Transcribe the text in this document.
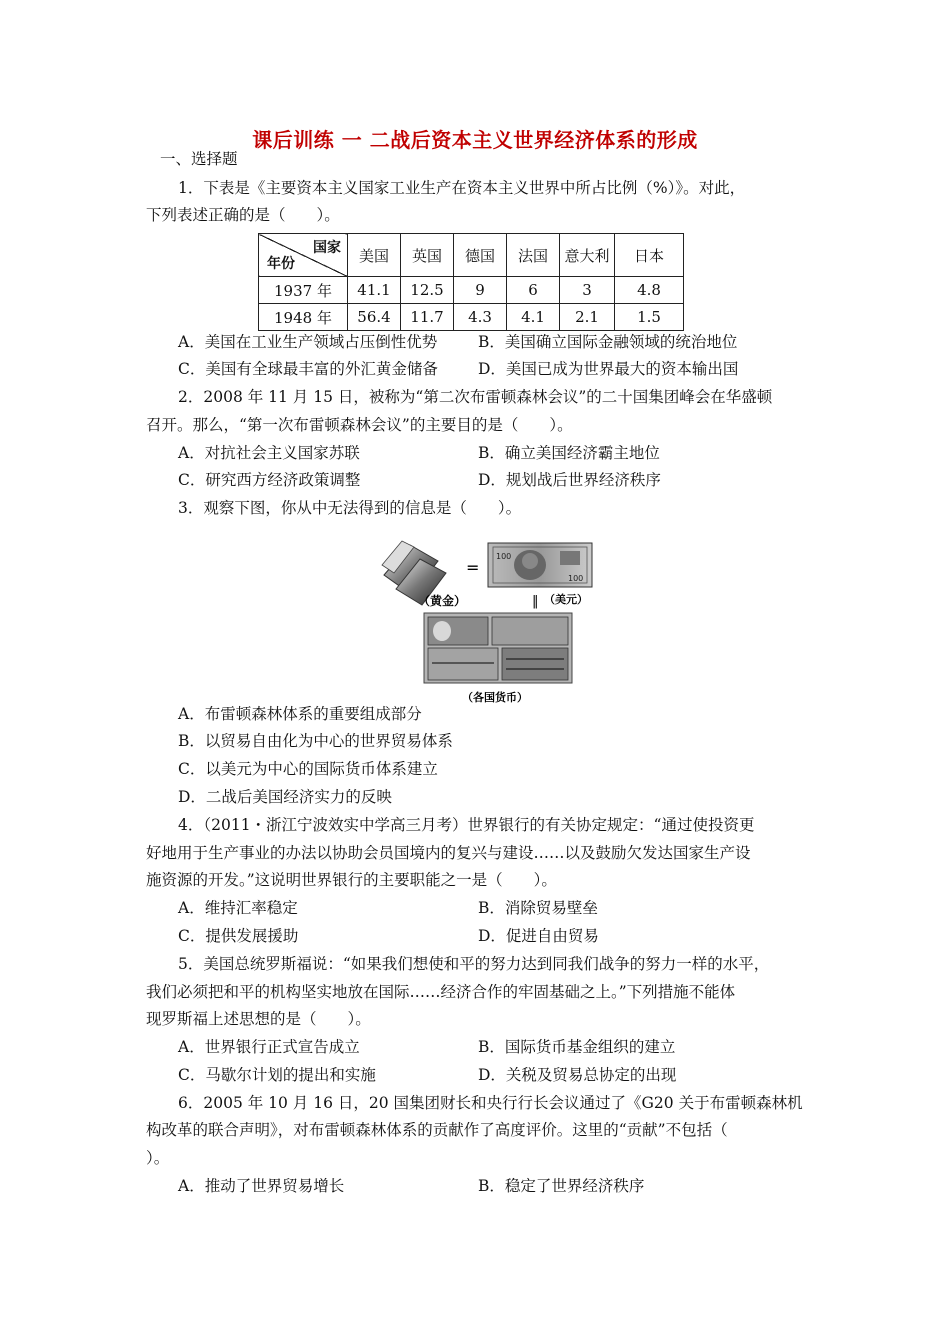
课后训练 一 二战后资本主义世界经济体系的形成
一、选择题
1．下表是《主要资本主义国家工业生产在资本主义世界中所占比例（%）》。对此，
下列表述正确的是（　　）。
国家
年份	美国	英国	德国	法国	意大利	日本
1937 年	41.1	12.5	9	6	3	4.8
1948 年	56.4	11.7	4.3	4.1	2.1	1.5
A．美国在工业生产领域占压倒性优势	B．美国确立国际金融领域的统治地位
C．美国有全球最丰富的外汇黄金储备	D．美国已成为世界最大的资本输出国
2．2008 年 11 月 15 日，被称为“第二次布雷顿森林会议”的二十国集团峰会在华盛顿
召开。那么，“第一次布雷顿森林会议”的主要目的是（　　）。
A．对抗社会主义国家苏联	B．确立美国经济霸主地位
C．研究西方经济政策调整	D．规划战后世界经济秩序
3．观察下图，你从中无法得到的信息是（　　）。
=
100
100
（黄金）	‖ （美元）
（各国货币）
A．布雷顿森林体系的重要组成部分
B．以贸易自由化为中心的世界贸易体系
C．以美元为中心的国际货币体系建立
D．二战后美国经济实力的反映
4．（2011・浙江宁波效实中学高三月考）世界银行的有关协定规定：“通过使投资更
好地用于生产事业的办法以协助会员国境内的复兴与建设……以及鼓励欠发达国家生产设
施资源的开发。”这说明世界银行的主要职能之一是（　　）。
A．维持汇率稳定	B．消除贸易壁垒
C．提供发展援助	D．促进自由贸易
5．美国总统罗斯福说：“如果我们想使和平的努力达到同我们战争的努力一样的水平，
我们必须把和平的机构坚实地放在国际……经济合作的牢固基础之上。”下列措施不能体
现罗斯福上述思想的是（　　）。
A．世界银行正式宣告成立	B．国际货币基金组织的建立
C．马歇尔计划的提出和实施	D．关税及贸易总协定的出现
6．2005 年 10 月 16 日，20 国集团财长和央行行长会议通过了《G20 关于布雷顿森林机
构改革的联合声明》，对布雷顿森林体系的贡献作了高度评价。这里的“贡献”不包括（
）。
A．推动了世界贸易增长	B．稳定了世界经济秩序
